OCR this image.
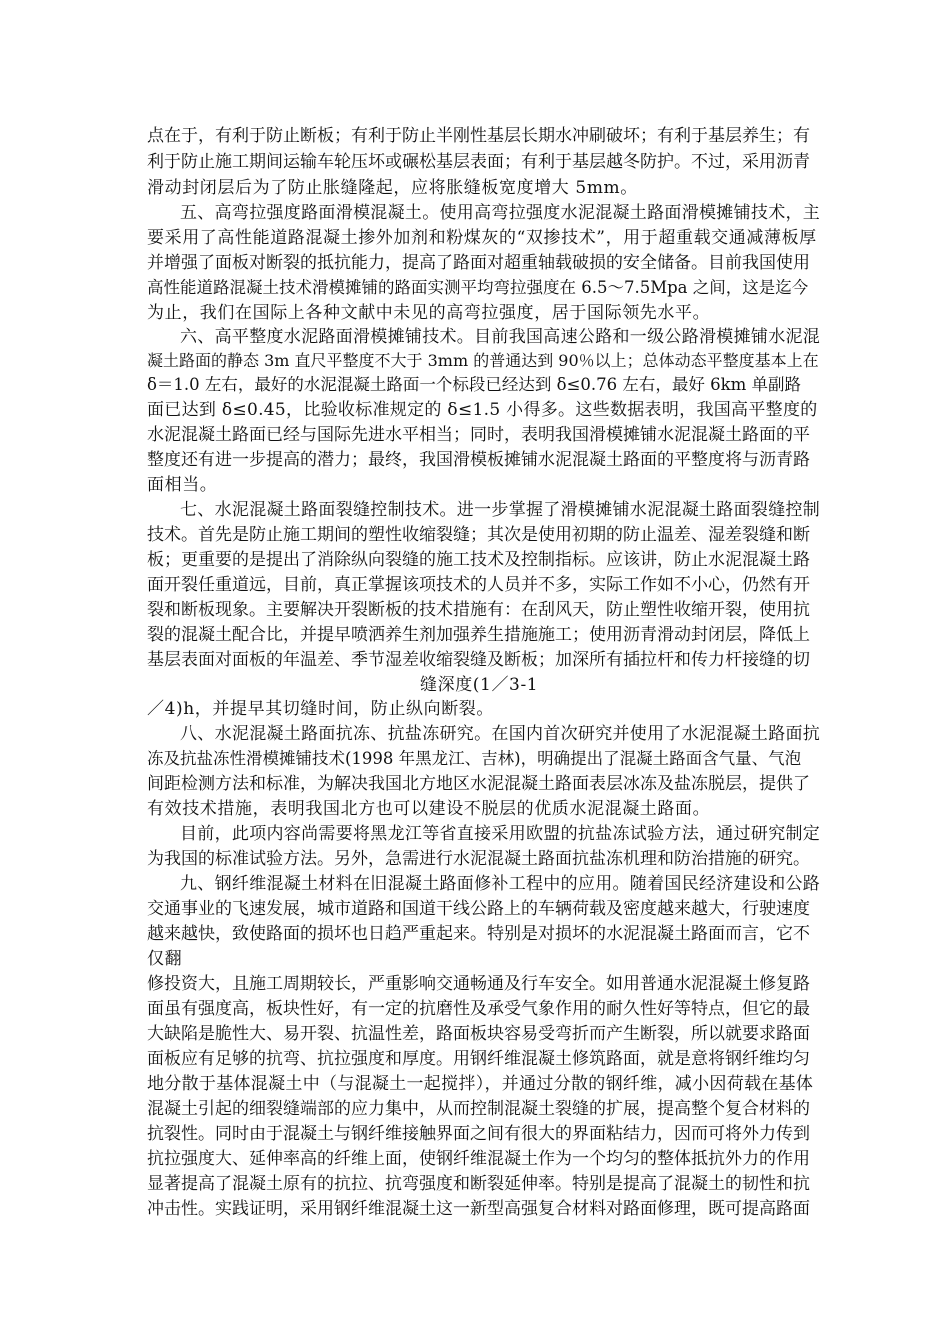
点在于，有利于防止断板；有利于防止半刚性基层长期水冲刷破坏；有利于基层养生；有
利于防止施工期间运输车轮压坏或碾松基层表面；有利于基层越冬防护。不过，采用沥青
滑动封闭层后为了防止胀缝隆起，应将胀缝板宽度增大 5mm。
五、高弯拉强度路面滑模混凝土。使用高弯拉强度水泥混凝土路面滑模摊铺技术，主
要采用了高性能道路混凝土掺外加剂和粉煤灰的“双掺技术”，用于超重载交通减薄板厚
并增强了面板对断裂的抵抗能力，提高了路面对超重轴载破损的安全储备。目前我国使用
高性能道路混凝土技术滑模摊铺的路面实测平均弯拉强度在 6.5～7.5Mpa 之间，这是迄今
为止，我们在国际上各种文献中未见的高弯拉强度，居于国际领先水平。
六、高平整度水泥路面滑模摊铺技术。目前我国高速公路和一级公路滑模摊铺水泥混
凝土路面的静态 3m 直尺平整度不大于 3mm 的普通达到 90％以上；总体动态平整度基本上在
δ＝1.0 左右，最好的水泥混凝土路面一个标段已经达到 δ≤0.76 左右，最好 6km 单副路
面已达到 δ≤0.45，比验收标准规定的 δ≤1.5 小得多。这些数据表明，我国高平整度的
水泥混凝土路面已经与国际先进水平相当；同时，表明我国滑模摊铺水泥混凝土路面的平
整度还有进一步提高的潜力；最终，我国滑模板摊铺水泥混凝土路面的平整度将与沥青路
面相当。
七、水泥混凝土路面裂缝控制技术。进一步掌握了滑模摊铺水泥混凝土路面裂缝控制
技术。首先是防止施工期间的塑性收缩裂缝；其次是使用初期的防止温差、湿差裂缝和断
板；更重要的是提出了消除纵向裂缝的施工技术及控制指标。应该讲，防止水泥混凝土路
面开裂任重道远，目前，真正掌握该项技术的人员并不多，实际工作如不小心，仍然有开
裂和断板现象。主要解决开裂断板的技术措施有：在刮风天，防止塑性收缩开裂，使用抗
裂的混凝土配合比，并提早喷洒养生剂加强养生措施施工；使用沥青滑动封闭层，降低上
基层表面对面板的年温差、季节湿差收缩裂缝及断板；加深所有插拉杆和传力杆接缝的切
缝深度(1／3-1
／4)h，并提早其切缝时间，防止纵向断裂。
八、水泥混凝土路面抗冻、抗盐冻研究。在国内首次研究并使用了水泥混凝土路面抗
冻及抗盐冻性滑模摊铺技术(1998 年黑龙江、吉林)，明确提出了混凝土路面含气量、气泡
间距检测方法和标准，为解决我国北方地区水泥混凝土路面表层冰冻及盐冻脱层，提供了
有效技术措施，表明我国北方也可以建设不脱层的优质水泥混凝土路面。
目前，此项内容尚需要将黑龙江等省直接采用欧盟的抗盐冻试验方法，通过研究制定
为我国的标准试验方法。另外，急需进行水泥混凝土路面抗盐冻机理和防治措施的研究。
九、钢纤维混凝土材料在旧混凝土路面修补工程中的应用。随着国民经济建设和公路
交通事业的飞速发展，城市道路和国道干线公路上的车辆荷载及密度越来越大，行驶速度
越来越快，致使路面的损坏也日趋严重起来。特别是对损坏的水泥混凝土路面而言，它不
仅翻
修投资大，且施工周期较长，严重影响交通畅通及行车安全。如用普通水泥混凝土修复路
面虽有强度高，板块性好，有一定的抗磨性及承受气象作用的耐久性好等特点，但它的最
大缺陷是脆性大、易开裂、抗温性差，路面板块容易受弯折而产生断裂，所以就要求路面
面板应有足够的抗弯、抗拉强度和厚度。用钢纤维混凝土修筑路面，就是意将钢纤维均匀
地分散于基体混凝土中（与混凝土一起搅拌），并通过分散的钢纤维，减小因荷载在基体
混凝土引起的细裂缝端部的应力集中，从而控制混凝土裂缝的扩展，提高整个复合材料的
抗裂性。同时由于混凝土与钢纤维接触界面之间有很大的界面粘结力，因而可将外力传到
抗拉强度大、延伸率高的纤维上面，使钢纤维混凝土作为一个均匀的整体抵抗外力的作用
显著提高了混凝土原有的抗拉、抗弯强度和断裂延伸率。特别是提高了混凝土的韧性和抗
冲击性。实践证明，采用钢纤维混凝土这一新型高强复合材料对路面修理，既可提高路面
